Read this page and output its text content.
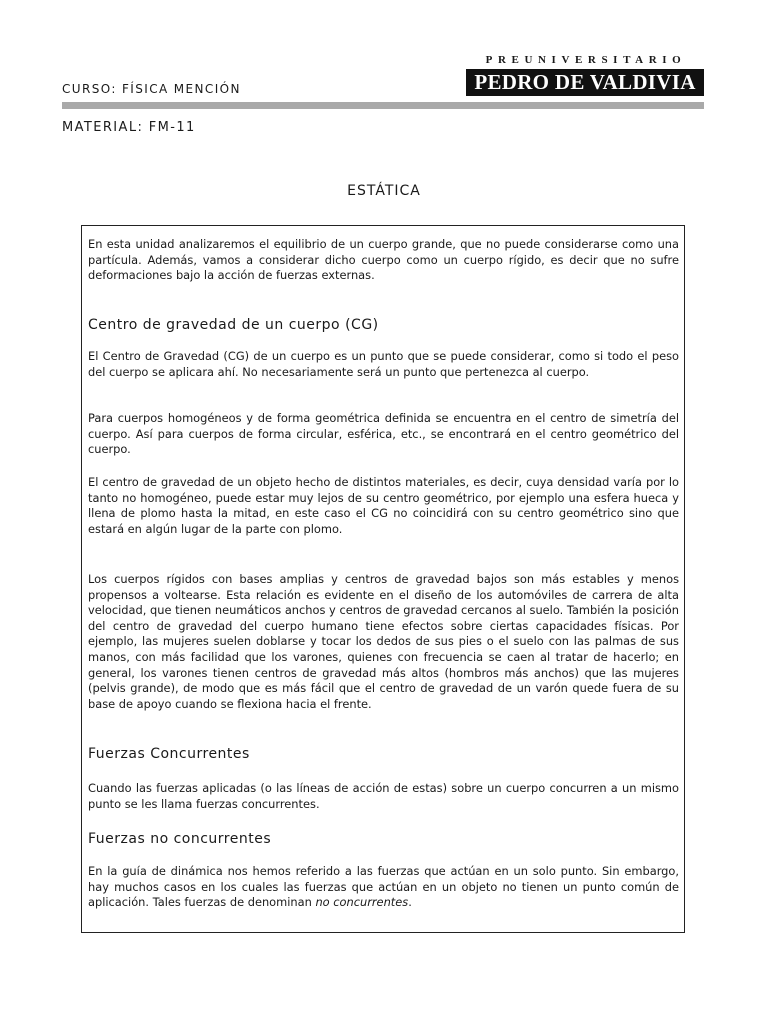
CURSO: FÍSICA MENCIÓN
PREUNIVERSITARIO
PEDRO DE VALDIVIA
MATERIAL: FM-11
ESTÁTICA

En esta unidad analizaremos el equilibrio de un cuerpo grande, que no puede considerarse como una partícula. Además, vamos a considerar dicho cuerpo como un cuerpo rígido, es decir que no sufre deformaciones bajo la acción de fuerzas externas.

Centro de gravedad de un cuerpo (CG)

El Centro de Gravedad (CG) de un cuerpo es un punto que se puede considerar, como si todo el peso del cuerpo se aplicara ahí. No necesariamente será un punto que pertenezca al cuerpo.

Para cuerpos homogéneos y de forma geométrica definida se encuentra en el centro de simetría del cuerpo. Así para cuerpos de forma circular, esférica, etc., se encontrará en el centro geométrico del cuerpo.

El centro de gravedad de un objeto hecho de distintos materiales, es decir, cuya densidad varía por lo tanto no homogéneo, puede estar muy lejos de su centro geométrico, por ejemplo una esfera hueca y llena de plomo hasta la mitad, en este caso el CG no coincidirá con su centro geométrico sino que estará en algún lugar de la parte con plomo.

Los cuerpos rígidos con bases amplias y centros de gravedad bajos son más estables y menos propensos a voltearse. Esta relación es evidente en el diseño de los automóviles de carrera de alta velocidad, que tienen neumáticos anchos y centros de gravedad cercanos al suelo. También la posición del centro de gravedad del cuerpo humano tiene efectos sobre ciertas capacidades físicas. Por ejemplo, las mujeres suelen doblarse y tocar los dedos de sus pies o el suelo con las palmas de sus manos, con más facilidad que los varones, quienes con frecuencia se caen al tratar de hacerlo; en general, los varones tienen centros de gravedad más altos (hombros más anchos) que las mujeres (pelvis grande), de modo que es más fácil que el centro de gravedad de un varón quede fuera de su base de apoyo cuando se flexiona hacia el frente.

Fuerzas Concurrentes

Cuando las fuerzas aplicadas (o las líneas de acción de estas) sobre un cuerpo concurren a un mismo punto se les llama fuerzas concurrentes.

Fuerzas no concurrentes

En la guía de dinámica nos hemos referido a las fuerzas que actúan en un solo punto. Sin embargo, hay muchos casos en los cuales las fuerzas que actúan en un objeto no tienen un punto común de aplicación. Tales fuerzas de denominan no concurrentes.
